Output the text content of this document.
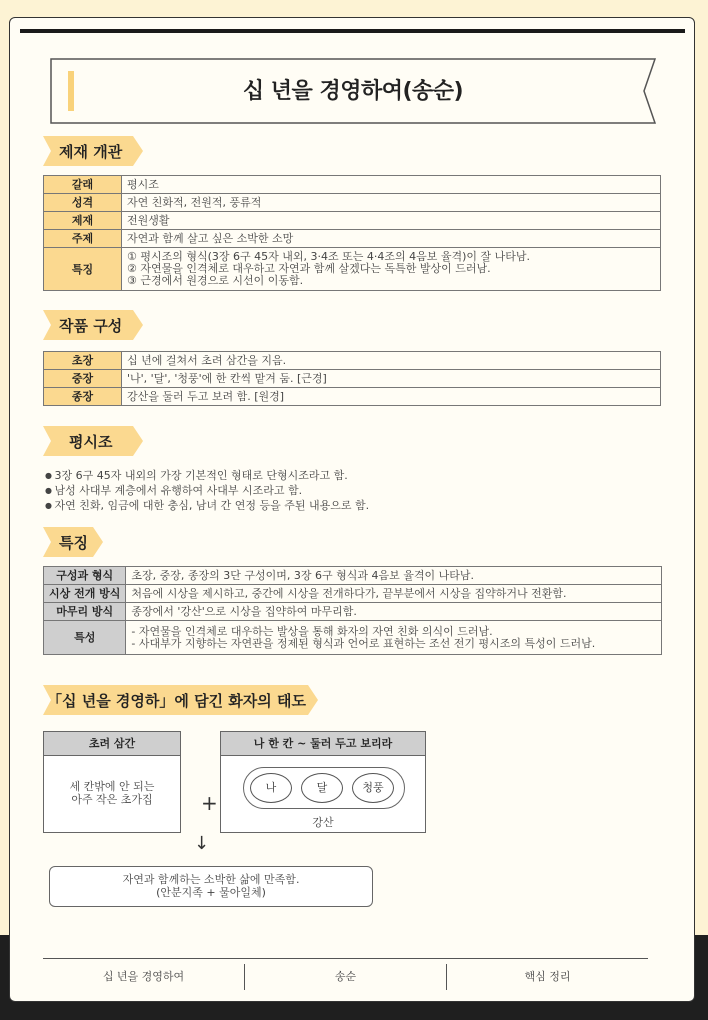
십 년을 경영하여(송순)
제재 개관
갈래	평시조
성격	자연 친화적, 전원적, 풍류적
제재	전원생활
주제	자연과 함께 살고 싶은 소박한 소망
특징	① 평시조의 형식(3장 6구 45자 내외, 3·4조 또는 4·4조의 4음보 율격)이 잘 나타남.
② 자연물을 인격체로 대우하고 자연과 함께 살겠다는 독특한 발상이 드러남.
③ 근경에서 원경으로 시선이 이동함.
작품 구성
초장	십 년에 걸쳐서 초려 삼간을 지음.
중장	'나', '달', '청풍'에 한 칸씩 맡겨 둠. [근경]
종장	강산을 둘러 두고 보려 함. [원경]
평시조
● 3장 6구 45자 내외의 가장 기본적인 형태로 단형시조라고 함.
● 남성 사대부 계층에서 유행하여 사대부 시조라고 함.
● 자연 친화, 임금에 대한 충심, 남녀 간 연정 등을 주된 내용으로 함.
특징
구성과 형식	초장, 중장, 종장의 3단 구성이며, 3장 6구 형식과 4음보 율격이 나타남.
시상 전개 방식	처음에 시상을 제시하고, 중간에 시상을 전개하다가, 끝부분에서 시상을 집약하거나 전환함.
마무리 방식	종장에서 '강산'으로 시상을 집약하여 마무리함.
특성	- 자연물을 인격체로 대우하는 발상을 통해 화자의 자연 친화 의식이 드러남.
- 사대부가 지향하는 자연관을 정제된 형식과 언어로 표현하는 조선 전기 평시조의 특성이 드러남.
「십 년을 경영하」에 담긴 화자의 태도
초려 삼간
세 칸밖에 안 되는
아주 작은 초가집	+
나 한 칸 ~ 둘러 두고 보리라
나	달	청풍
강산
↓
자연과 함께하는 소박한 삶에 만족함.
(안분지족 + 물아일체)
십 년을 경영하여	송순	핵심 정리
